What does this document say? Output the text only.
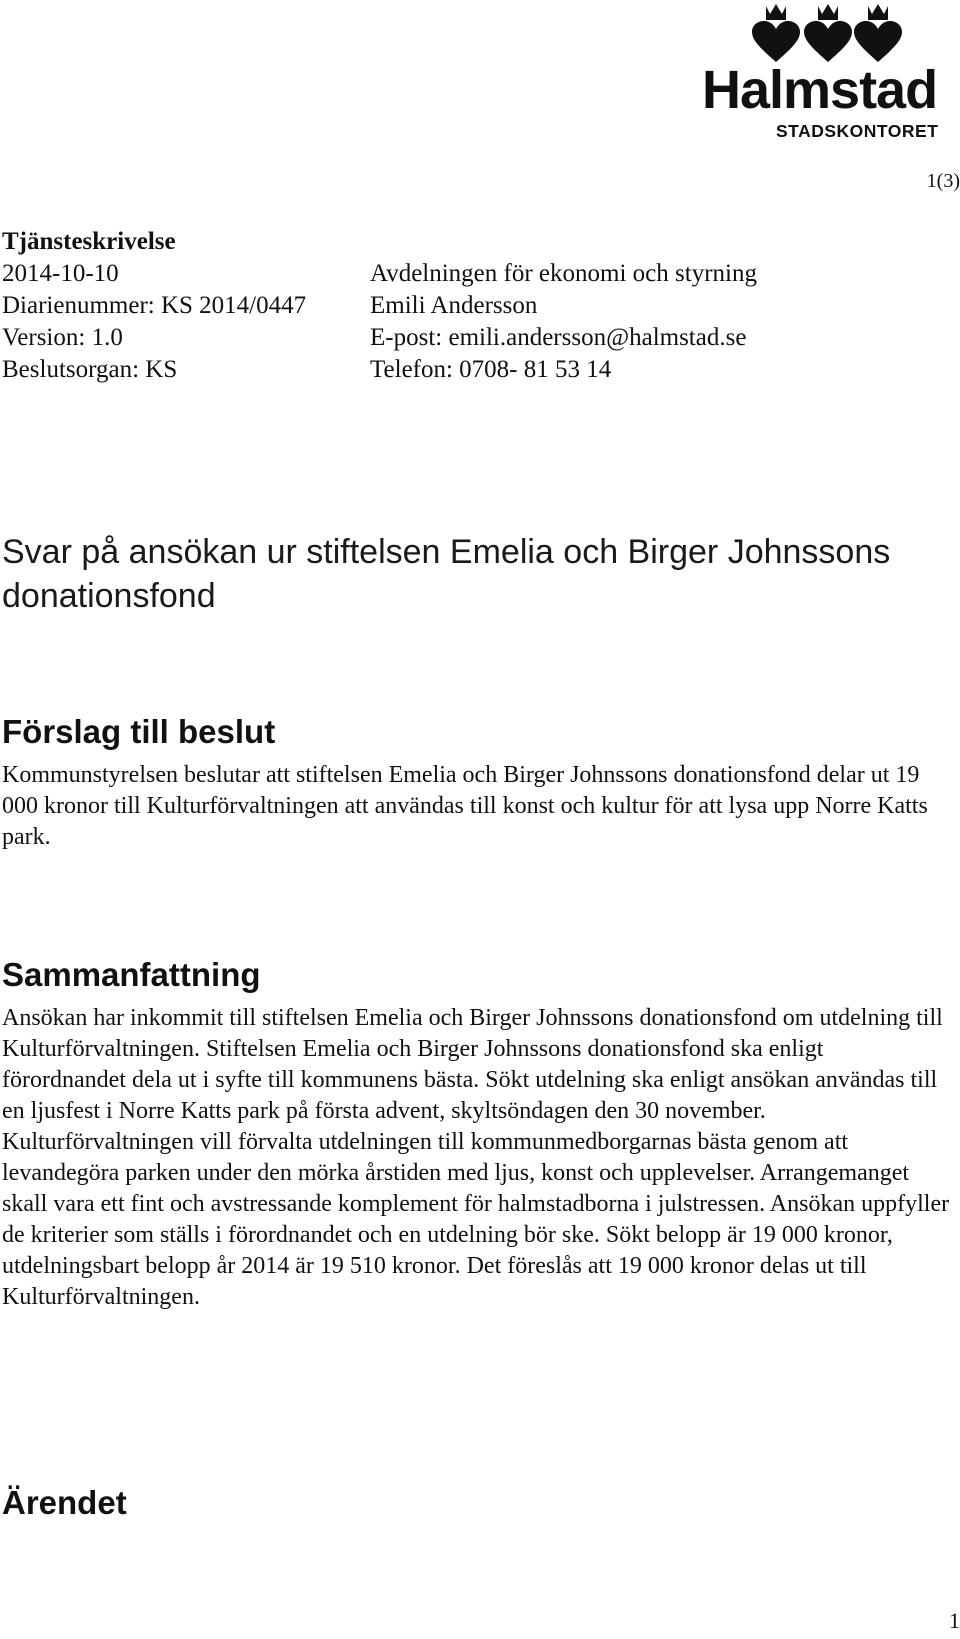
Halmstad
STADSKONTORET
1(3)
Tjänsteskrivelse
2014-10-10
Diarienummer: KS 2014/0447
Version: 1.0
Beslutsorgan: KS
Avdelningen för ekonomi och styrning
Emili Andersson
E-post: emili.andersson@halmstad.se
Telefon: 0708- 81 53 14
Svar på ansökan ur stiftelsen Emelia och Birger Johnssons donationsfond
Förslag till beslut
Kommunstyrelsen beslutar att stiftelsen Emelia och Birger Johnssons donationsfond delar ut 19 000 kronor till Kulturförvaltningen att användas till konst och kultur för att lysa upp Norre Katts park.
Sammanfattning
Ansökan har inkommit till stiftelsen Emelia och Birger Johnssons donationsfond om utdelning till Kulturförvaltningen. Stiftelsen Emelia och Birger Johnssons donationsfond ska enligt förordnandet dela ut i syfte till kommunens bästa. Sökt utdelning ska enligt ansökan användas till en ljusfest i Norre Katts park på första advent, skyltsöndagen den 30 november. Kulturförvaltningen vill förvalta utdelningen till kommunmedborgarnas bästa genom att levandegöra parken under den mörka årstiden med ljus, konst och upplevelser. Arrangemanget skall vara ett fint och avstressande komplement för halmstadborna i julstressen. Ansökan uppfyller de kriterier som ställs i förordnandet och en utdelning bör ske. Sökt belopp är 19 000 kronor, utdelningsbart belopp år 2014 är 19 510 kronor. Det föreslås att 19 000 kronor delas ut till Kulturförvaltningen.
Ärendet
1
